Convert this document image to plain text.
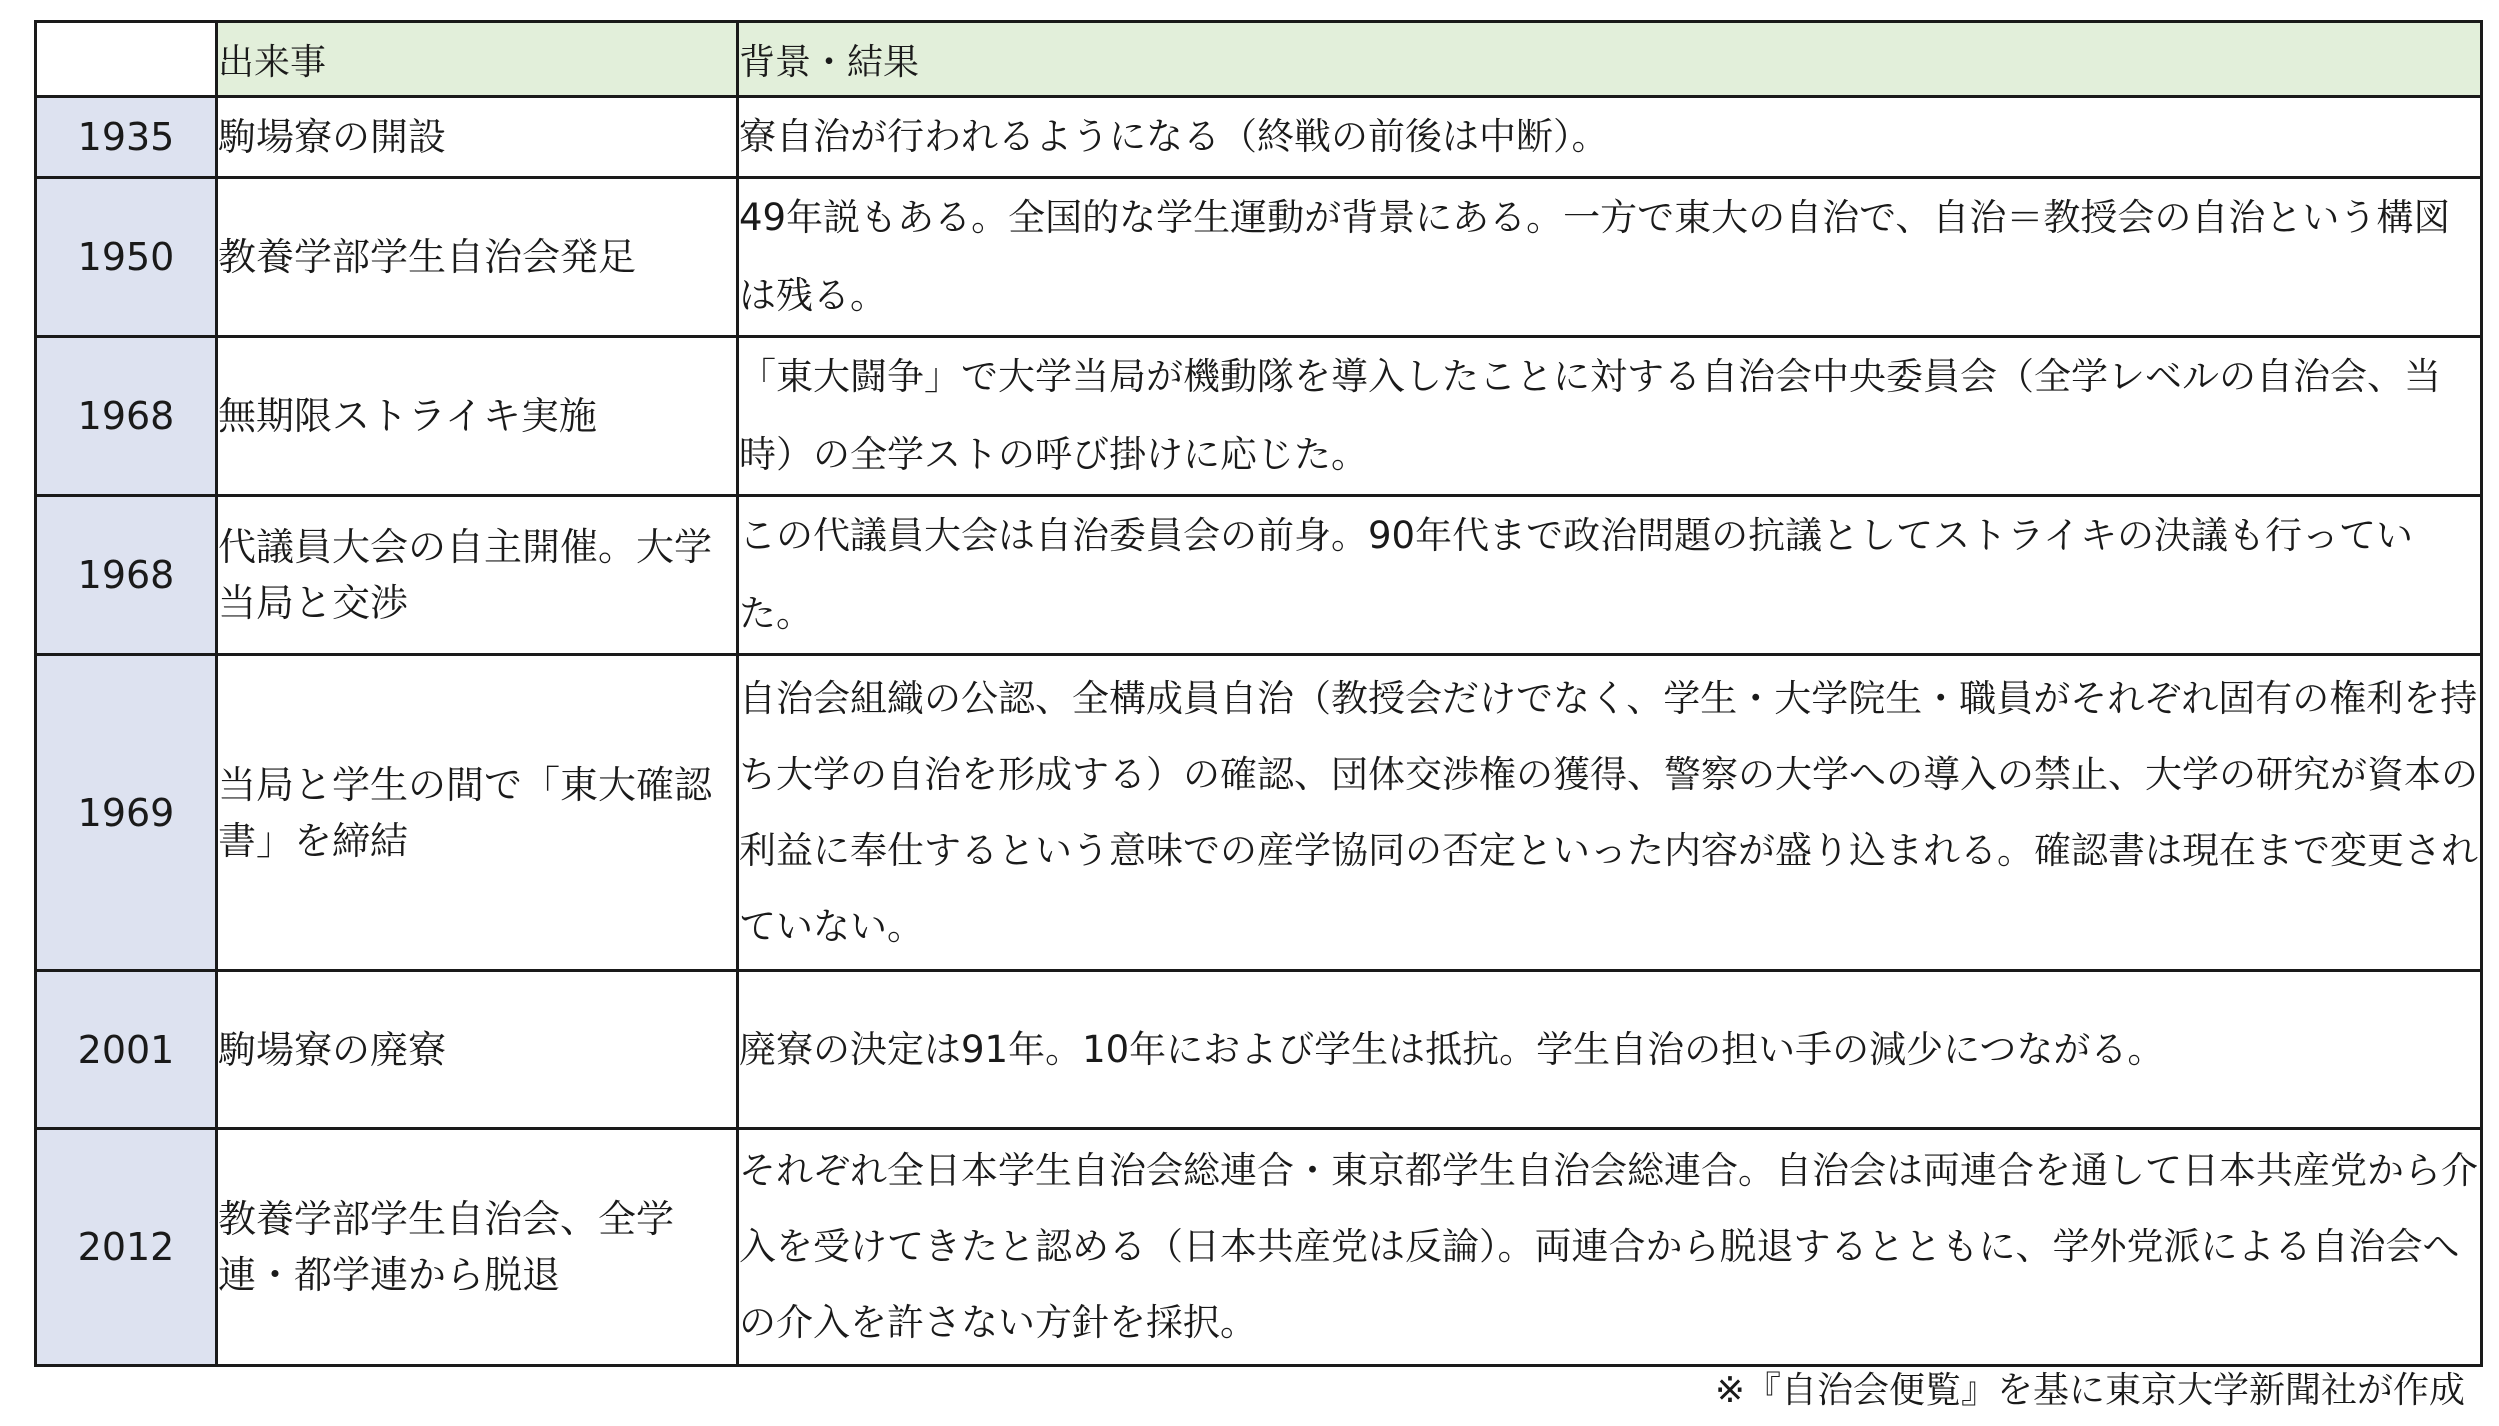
	出来事	背景・結果
1935	駒場寮の開設	寮自治が行われるようになる（終戦の前後は中断）。
1950	教養学部学生自治会発足	49年説もある。全国的な学生運動が背景にある。一方で東大の自治で、自治＝教授会の自治という構図は残る。
1968	無期限ストライキ実施	「東大闘争」で大学当局が機動隊を導入したことに対する自治会中央委員会（全学レベルの自治会、当時）の全学ストの呼び掛けに応じた。
1968	代議員大会の自主開催。大学当局と交渉	この代議員大会は自治委員会の前身。90年代まで政治問題の抗議としてストライキの決議も行っていた。
1969	当局と学生の間で「東大確認書」を締結	自治会組織の公認、全構成員自治（教授会だけでなく、学生・大学院生・職員がそれぞれ固有の権利を持ち大学の自治を形成する）の確認、団体交渉権の獲得、警察の大学への導入の禁止、大学の研究が資本の利益に奉仕するという意味での産学協同の否定といった内容が盛り込まれる。確認書は現在まで変更されていない。
2001	駒場寮の廃寮	廃寮の決定は91年。10年におよび学生は抵抗。学生自治の担い手の減少につながる。
2012	教養学部学生自治会、全学連・都学連から脱退	それぞれ全日本学生自治会総連合・東京都学生自治会総連合。自治会は両連合を通して日本共産党から介入を受けてきたと認める（日本共産党は反論）。両連合から脱退するとともに、学外党派による自治会への介入を許さない方針を採択。
※『自治会便覧』を基に東京大学新聞社が作成
